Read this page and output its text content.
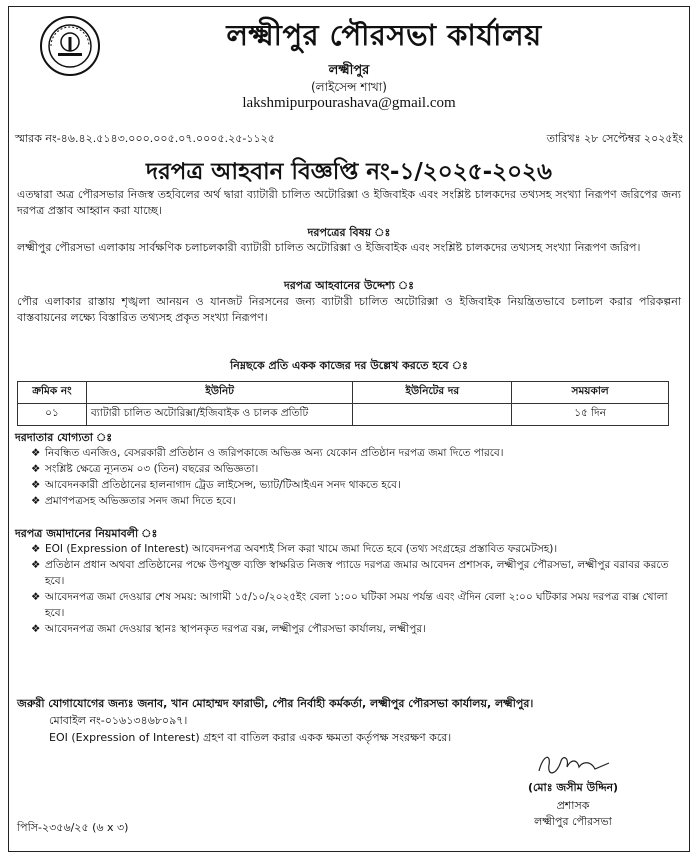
লক্ষ্মীপুর পৌরসভা কার্যালয়
লক্ষ্মীপুর
(লাইসেন্স শাখা)
lakshmipurpourashava@gmail.com
স্মারক নং-৪৬.৪২.৫১৪৩.০০০.০০৫.০৭.০০০৫.২৫-১১২৫	তারিখঃ ২৮ সেপ্টেম্বর ২০২৫ইং
দরপত্র আহবান বিজ্ঞপ্তি নং-১/২০২৫-২০২৬
এতদ্বারা অত্র পৌরসভার নিজস্ব তহবিলের অর্থ দ্বারা ব্যাটারী চালিত অটোরিক্সা ও ইজিবাইক এবং সংশ্লিষ্ট চালকদের তথ্যসহ সংখ্যা নিরূপণ জরিপের জন্য দরপত্র প্রস্তাব আহ্বান করা যাচ্ছে।
দরপত্রের বিষয় ঃ
লক্ষ্মীপুর পৌরসভা এলাকায় সার্বক্ষণিক চলাচলকারী ব্যাটারী চালিত অটোরিক্সা ও ইজিবাইক এবং সংশ্লিষ্ট চালকদের তথ্যসহ সংখ্যা নিরূপণ জরিপ।
দরপত্র আহবানের উদ্দেশ্য ঃ
পৌর এলাকার রাস্তায় শৃঙ্খলা আনয়ন ও যানজট নিরসনের জন্য ব্যাটারী চালিত অটোরিক্সা ও ইজিবাইক নিয়ন্ত্রিতভাবে চলাচল করার পরিকল্পনা বাস্তবায়নের লক্ষ্যে বিস্তারিত তথ্যসহ প্রকৃত সংখ্যা নিরূপণ।
নিম্নছকে প্রতি একক কাজের দর উল্লেখ করতে হবে ঃ
ক্রমিক নং	ইউনিট	ইউনিটের দর	সময়কাল
০১	ব্যাটারী চালিত অটোরিক্সা/ইজিবাইক ও চালক প্রতিটি		১৫ দিন
দরদাতার যোগ্যতা ঃ
❖ নিবন্ধিত এনজিও, বেসরকারী প্রতিষ্ঠান ও জরিপকাজে অভিজ্ঞ অন্য যেকোন প্রতিষ্ঠান দরপত্র জমা দিতে পারবে।
❖ সংশ্লিষ্ট ক্ষেত্রে ন্যূনতম ০৩ (তিন) বছরের অভিজ্ঞতা।
❖ আবেদনকারী প্রতিষ্ঠানের হালনাগাদ ট্রেড লাইসেন্স, ভ্যাট/টিআইএন সনদ থাকতে হবে।
❖ প্রমাণপত্রসহ অভিজ্ঞতার সনদ জমা দিতে হবে।
দরপত্র জমাদানের নিয়মাবলী ঃ
❖ EOI (Expression of Interest) আবেদনপত্র অবশ্যই সিল করা খামে জমা দিতে হবে (তথ্য সংগ্রহের প্রস্তাবিত ফরমেটসহ)।
❖ প্রতিষ্ঠান প্রধান অথবা প্রতিষ্ঠানের পক্ষে উপযুক্ত ব্যক্তি স্বাক্ষরিত নিজস্ব প্যাডে দরপত্র জমার আবেদন প্রশাসক, লক্ষ্মীপুর পৌরসভা, লক্ষ্মীপুর বরাবর করতে হবে।
❖ আবেদনপত্র জমা দেওয়ার শেষ সময়: আগামী ১৫/১০/২০২৫ইং বেলা ১:০০ ঘটিকা সময় পর্যন্ত এবং ঐদিন বেলা ২:০০ ঘটিকার সময় দরপত্র বাক্স খোলা হবে।
❖ আবেদনপত্র জমা দেওয়ার স্থানঃ স্থাপনকৃত দরপত্র বক্স, লক্ষ্মীপুর পৌরসভা কার্যালয়, লক্ষ্মীপুর।
জরুরী যোগাযোগের জন্যঃ জনাব, খান মোহাম্মদ ফারাভী, পৌর নির্বাহী কর্মকর্তা, লক্ষ্মীপুর পৌরসভা কার্যালয়, লক্ষ্মীপুর।
মোবাইল নং-০১৬১৩৪৬৮০৯৭।
EOI (Expression of Interest) গ্রহণ বা বাতিল করার একক ক্ষমতা কর্তৃপক্ষ সংরক্ষণ করে।
(মোঃ জসীম উদ্দিন)
প্রশাসক
লক্ষ্মীপুর পৌরসভা
পিসি-২৩৫৬/২৫ (৬ x ৩)
